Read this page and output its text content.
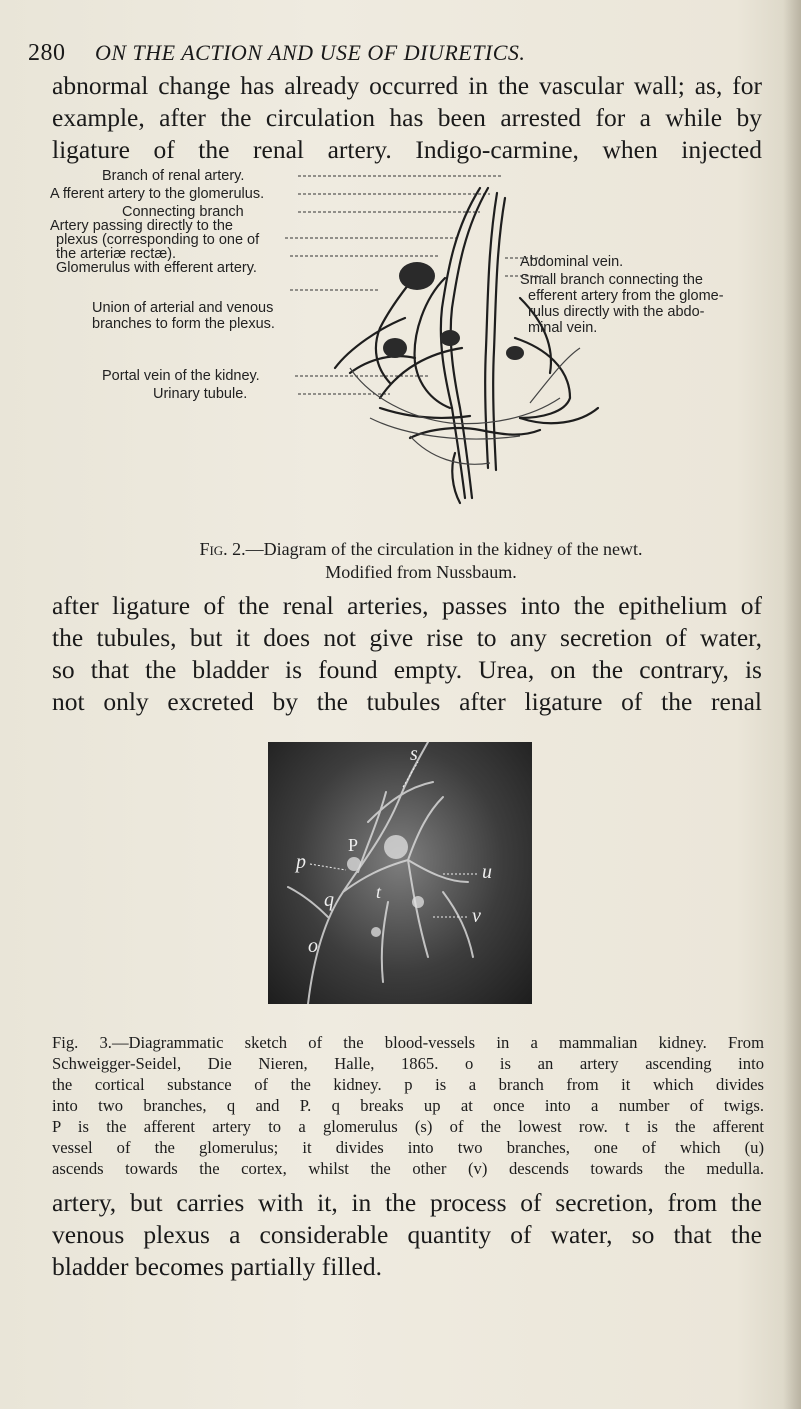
280 ON THE ACTION AND USE OF DIURETICS.
abnormal change has already occurred in the vascular wall; as, for
example, after the circulation has been arrested for a while by
ligature of the renal artery. Indigo-carmine, when injected
Branch of renal artery.
A fferent artery to the glomerulus.
Connecting branch
Artery passing directly to the
plexus (corresponding to one of
the arteriæ rectæ).
Glomerulus with efferent artery.
Union of arterial and venous
branches to form the plexus.
Portal vein of the kidney.
Urinary tubule.
Abdominal vein.
Small branch connecting the
efferent artery from the glome-
rulus directly with the abdo-
minal vein.
Fig. 2.—Diagram of the circulation in the kidney of the newt.
Modified from Nussbaum.
after ligature of the renal arteries, passes into the epithelium of
the tubules, but it does not give rise to any secretion of water,
so that the bladder is found empty. Urea, on the contrary, is
not only excreted by the tubules after ligature of the renal
s
p
P
t
q
u
v
o
Fig. 3.—Diagrammatic sketch of the blood-vessels in a mammalian kidney. From
Schweigger-Seidel, Die Nieren, Halle, 1865. o is an artery ascending into
the cortical substance of the kidney. p is a branch from it which divides
into two branches, q and P. q breaks up at once into a number of twigs.
P is the afferent artery to a glomerulus (s) of the lowest row. t is the afferent
vessel of the glomerulus; it divides into two branches, one of which (u)
ascends towards the cortex, whilst the other (v) descends towards the medulla.
artery, but carries with it, in the process of secretion, from the
venous plexus a considerable quantity of water, so that the
bladder becomes partially filled.
